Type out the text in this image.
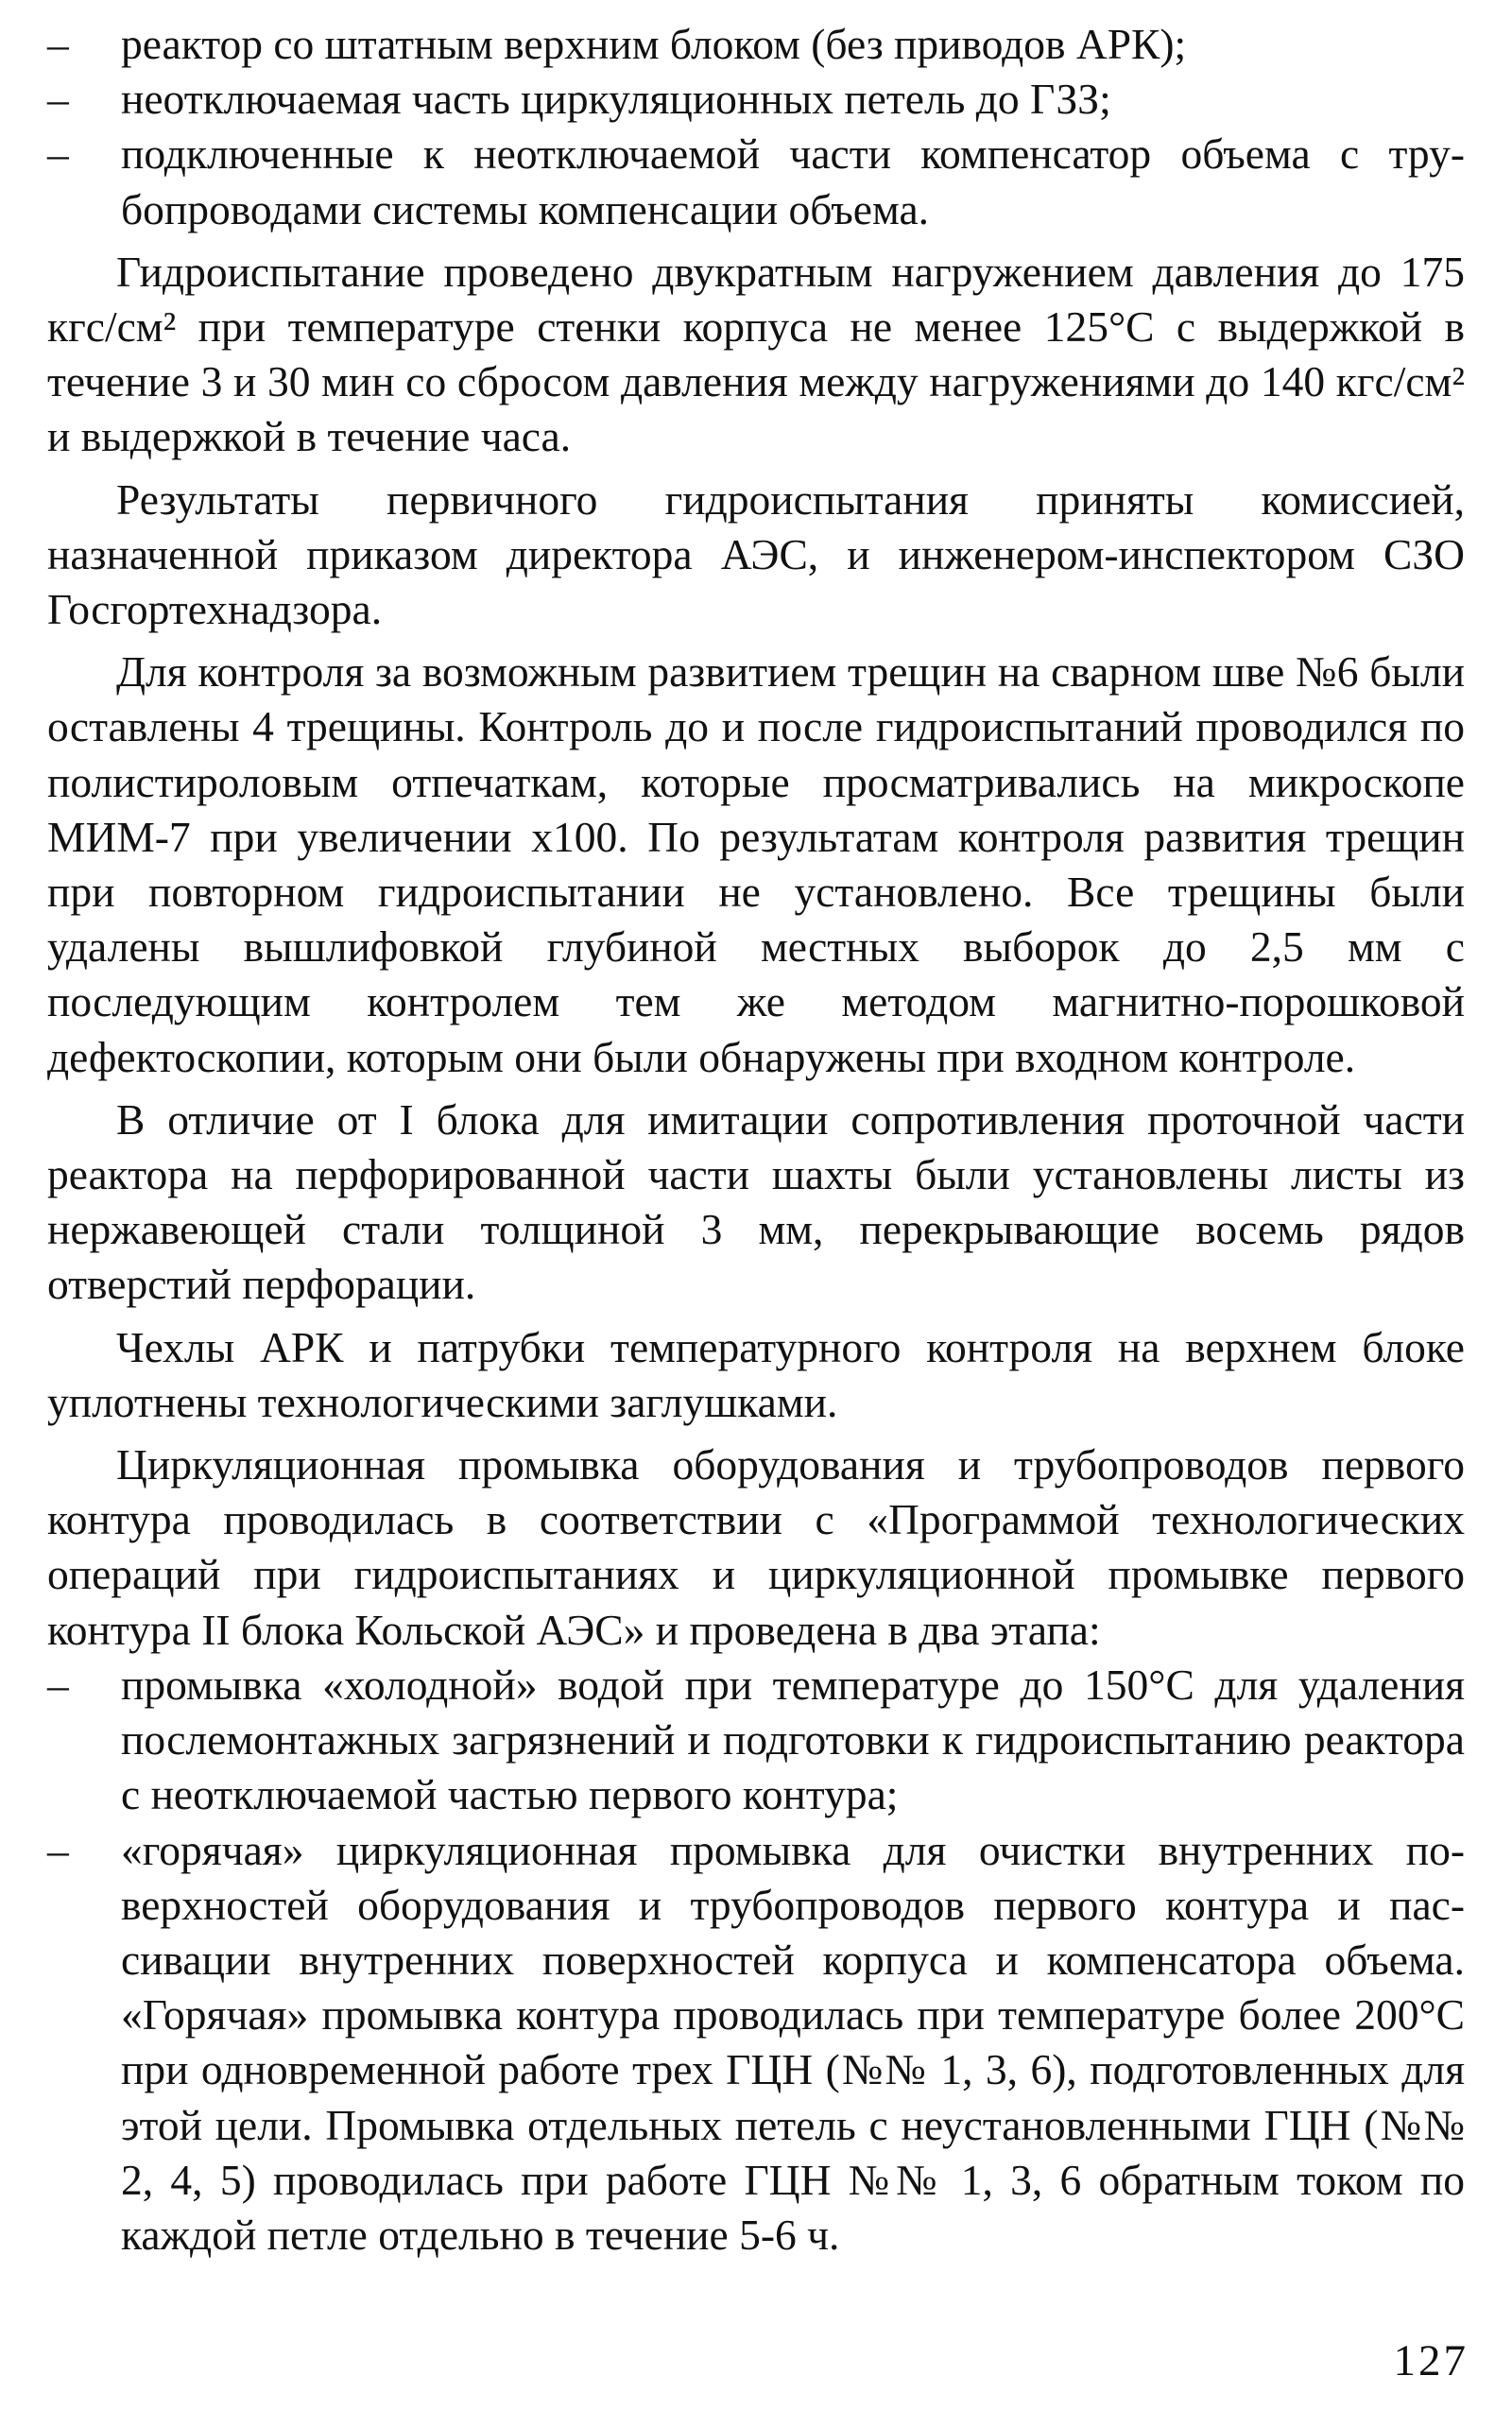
– реактор со штатным верхним блоком (без приводов АРК);
– неотключаемая часть циркуляционных петель до ГЗЗ;
– подключенные к неотключаемой части компенсатор объема с трубопроводами системы компенсации объема.

Гидроиспытание проведено двукратным нагружением давления до 175 кгс/см² при температуре стенки корпуса не менее 125°С с выдержкой в течение 3 и 30 мин со сбросом давления между нагружениями до 140 кгс/см² и выдержкой в течение часа.

Результаты первичного гидроиспытания приняты комиссией, назначенной приказом директора АЭС, и инженером-инспектором СЗО Госгортехнадзора.

Для контроля за возможным развитием трещин на сварном шве №6 были оставлены 4 трещины. Контроль до и после гидроиспытаний проводился по полистироловым отпечаткам, которые просматривались на микроскопе МИМ-7 при увеличении x100. По результатам контроля развития трещин при повторном гидроиспытании не установлено. Все трещины были удалены вышлифовкой глубиной местных выборок до 2,5 мм с последующим контролем тем же методом магнитно-порошковой дефектоскопии, которым они были обнаружены при входном контроле.

В отличие от I блока для имитации сопротивления проточной части реактора на перфорированной части шахты были установлены листы из нержавеющей стали толщиной 3 мм, перекрывающие восемь рядов отверстий перфорации.

Чехлы АРК и патрубки температурного контроля на верхнем блоке уплотнены технологическими заглушками.

Циркуляционная промывка оборудования и трубопроводов первого контура проводилась в соответствии с «Программой технологических операций при гидроиспытаниях и циркуляционной промывке первого контура II блока Кольской АЭС» и проведена в два этапа:

– промывка «холодной» водой при температуре до 150°С для удаления послемонтажных загрязнений и подготовки к гидроиспытанию реактора с неотключаемой частью первого контура;
– «горячая» циркуляционная промывка для очистки внутренних поверхностей оборудования и трубопроводов первого контура и пассивации внутренних поверхностей корпуса и компенсатора объема. «Горячая» промывка контура проводилась при температуре более 200°С при одновременной работе трех ГЦН (№№ 1, 3, 6), подготовленных для этой цели. Промывка отдельных петель с неустановленными ГЦН (№№ 2, 4, 5) проводилась при работе ГЦН №№ 1, 3, 6 обратным током по каждой петле отдельно в течение 5-6 ч.
127
